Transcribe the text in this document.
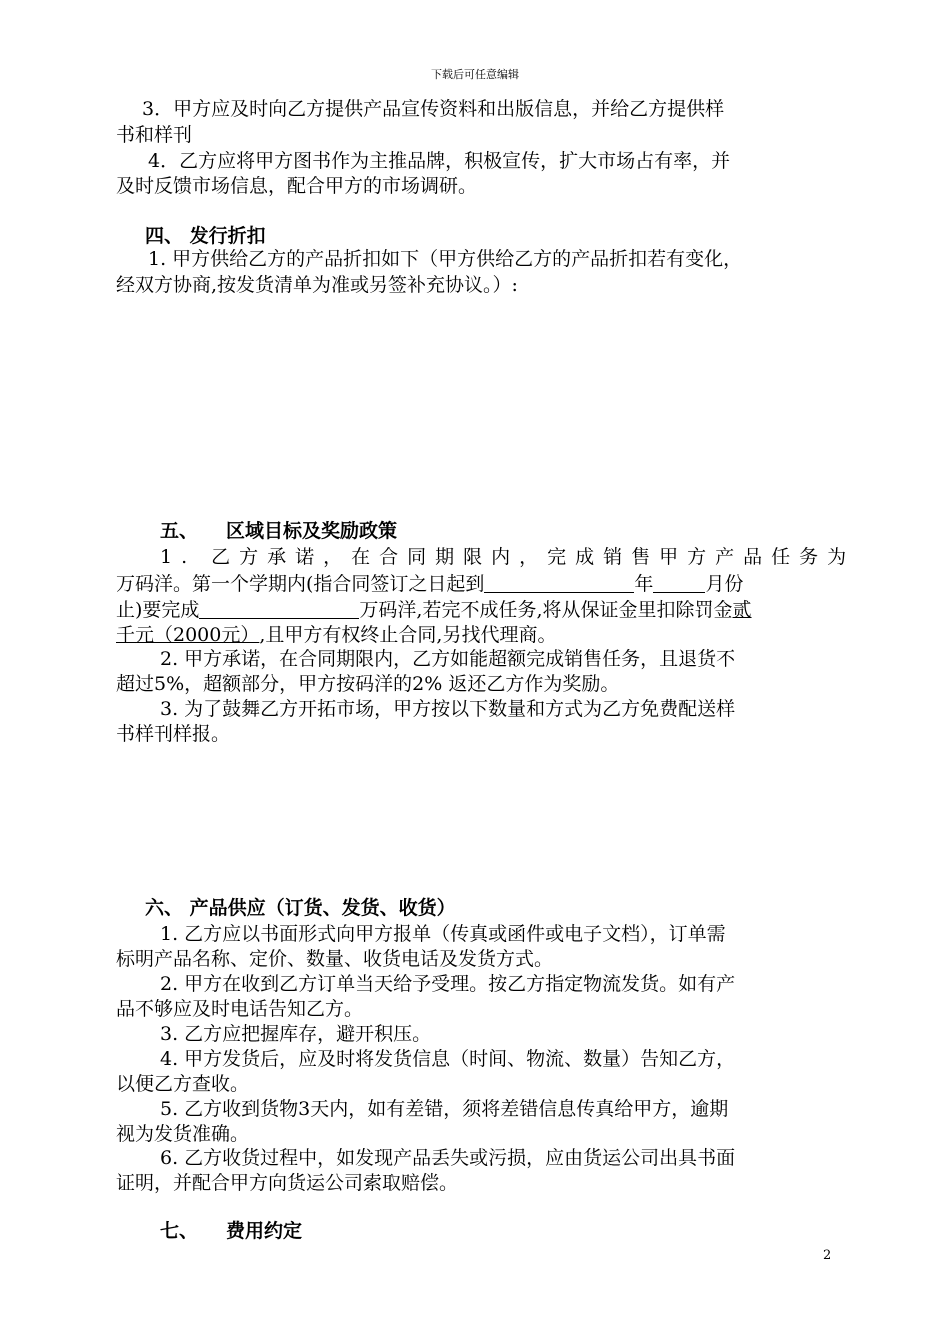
下载后可任意编辑
3．甲方应及时向乙方提供产品宣传资料和出版信息，并给乙方提供样
书和样刊
4．乙方应将甲方图书作为主推品牌，积极宣传，扩大市场占有率，并
及时反馈市场信息，配合甲方的市场调研。
四、 发行折扣
1. 甲方供给乙方的产品折扣如下（甲方供给乙方的产品折扣若有变化，
经双方协商,按发货清单为准或另签补充协议。）:
五、 区域目标及奖励政策
1. 乙方承诺，在合同期限内，完成销售甲方产品任务为
万码洋。第一个学期内(指合同签订之日起到	年	月份
止)要完成	万码洋,若完不成任务,将从保证金里扣除罚金贰
千元（2000元）,且甲方有权终止合同,另找代理商。
2. 甲方承诺，在合同期限内，乙方如能超额完成销售任务，且退货不
超过5%，超额部分，甲方按码洋的2% 返还乙方作为奖励。
3. 为了鼓舞乙方开拓市场，甲方按以下数量和方式为乙方免费配送样
书样刊样报。
六、 产品供应（订货、发货、收货）
1. 乙方应以书面形式向甲方报单（传真或函件或电子文档），订单需
标明产品名称、定价、数量、收货电话及发货方式。
2. 甲方在收到乙方订单当天给予受理。按乙方指定物流发货。如有产
品不够应及时电话告知乙方。
3. 乙方应把握库存，避开积压。
4. 甲方发货后，应及时将发货信息（时间、物流、数量）告知乙方，
以便乙方查收。
5. 乙方收到货物3天内，如有差错，须将差错信息传真给甲方，逾期
视为发货准确。
6. 乙方收货过程中，如发现产品丢失或污损，应由货运公司出具书面
证明，并配合甲方向货运公司索取赔偿。
七、 费用约定
2
